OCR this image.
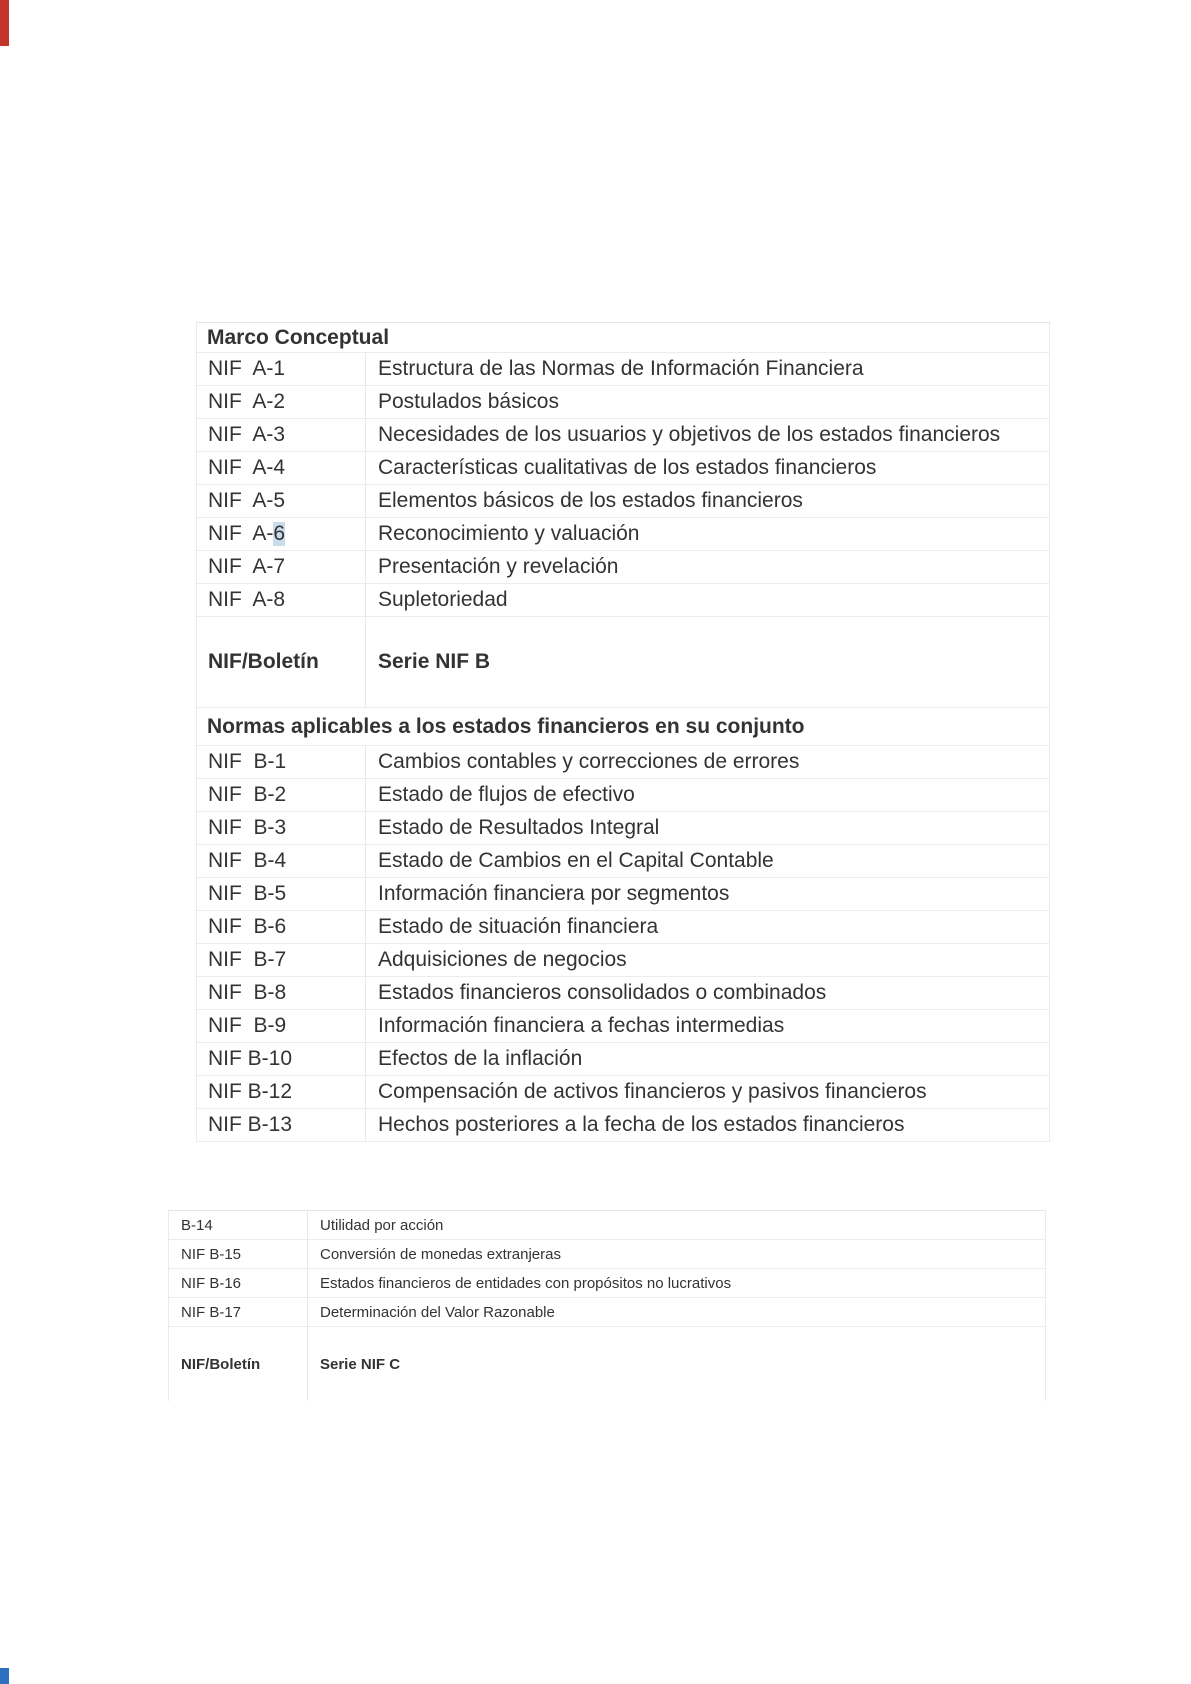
Marco Conceptual
NIF  A-1	Estructura de las Normas de Información Financiera
NIF  A-2	Postulados básicos
NIF  A-3	Necesidades de los usuarios y objetivos de los estados financieros
NIF  A-4	Características cualitativas de los estados financieros
NIF  A-5	Elementos básicos de los estados financieros
NIF  A- 6	Reconocimiento y valuación
NIF  A-7	Presentación y revelación
NIF  A-8	Supletoriedad
NIF/Boletín	Serie NIF B
Normas aplicables a los estados financieros en su conjunto
NIF  B-1	Cambios contables y correcciones de errores
NIF  B-2	Estado de flujos de efectivo
NIF  B-3	Estado de Resultados Integral
NIF  B-4	Estado de Cambios en el Capital Contable
NIF  B-5	Información financiera por segmentos
NIF  B-6	Estado de situación financiera
NIF  B-7	Adquisiciones de negocios
NIF  B-8	Estados financieros consolidados o combinados
NIF  B-9	Información financiera a fechas intermedias
NIF B-10	Efectos de la inflación
NIF B-12	Compensación de activos financieros y pasivos financieros
NIF B-13	Hechos posteriores a la fecha de los estados financieros
B-14	Utilidad por acción
NIF B-15	Conversión de monedas extranjeras
NIF B-16	Estados financieros de entidades con propósitos no lucrativos
NIF B-17	Determinación del Valor Razonable
NIF/Boletín	Serie NIF C
